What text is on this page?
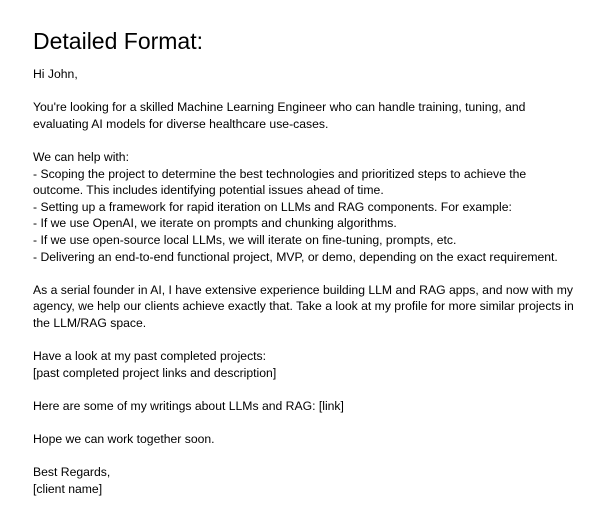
Detailed Format:
Hi John,
You're looking for a skilled Machine Learning Engineer who can handle training, tuning, and
evaluating AI models for diverse healthcare use-cases.
We can help with:
- Scoping the project to determine the best technologies and prioritized steps to achieve the
outcome. This includes identifying potential issues ahead of time.
- Setting up a framework for rapid iteration on LLMs and RAG components. For example:
- If we use OpenAI, we iterate on prompts and chunking algorithms.
- If we use open-source local LLMs, we will iterate on fine-tuning, prompts, etc.
- Delivering an end-to-end functional project, MVP, or demo, depending on the exact requirement.
As a serial founder in AI, I have extensive experience building LLM and RAG apps, and now with my
agency, we help our clients achieve exactly that. Take a look at my profile for more similar projects in
the LLM/RAG space.
Have a look at my past completed projects:
[past completed project links and description]
Here are some of my writings about LLMs and RAG: [link]
Hope we can work together soon.
Best Regards,
[client name]
